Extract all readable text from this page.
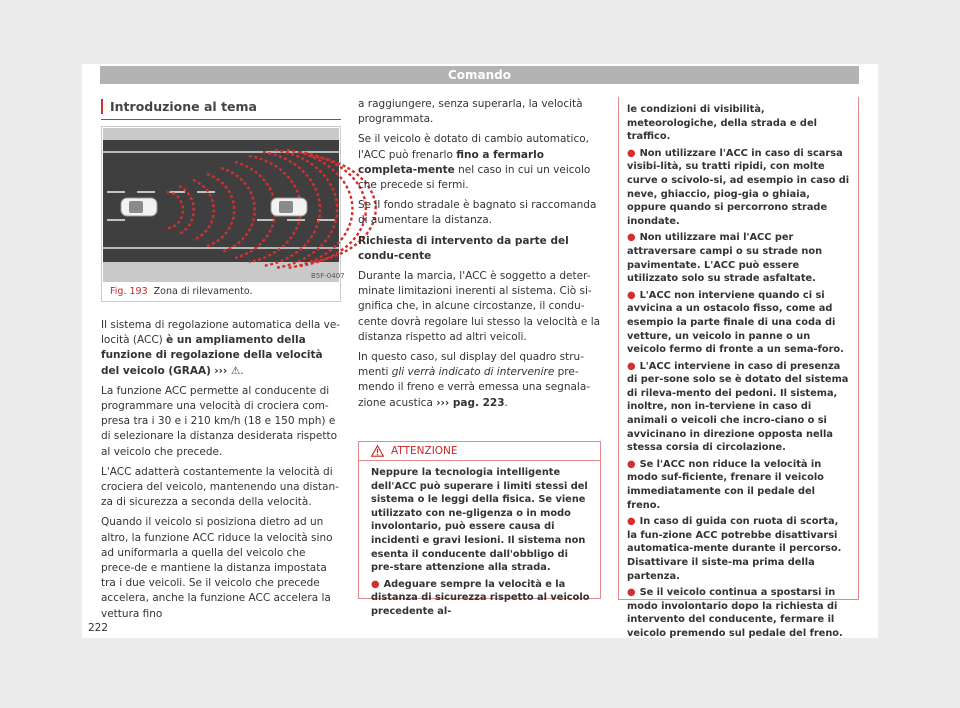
Comando
Introduzione al tema
B5F-0407
Fig. 193 Zona di rilevamento.

Il sistema di regolazione automatica della ve-locità (ACC) è un ampliamento della funzione di regolazione della velocità del veicolo (GRAA) ››› ⚠.

La funzione ACC permette al conducente di programmare una velocità di crociera com-presa tra i 30 e i 210 km/h (18 e 150 mph) e di selezionare la distanza desiderata rispetto al veicolo che precede.

L'ACC adatterà costantemente la velocità di crociera del veicolo, mantenendo una distan-za di sicurezza a seconda della velocità.

Quando il veicolo si posiziona dietro ad un altro, la funzione ACC riduce la velocità sino ad uniformarla a quella del veicolo che prece-de e mantiene la distanza impostata tra i due veicoli. Se il veicolo che precede accelera, anche la funzione ACC accelera la vettura fino

a raggiungere, senza superarla, la velocità programmata.

Se il veicolo è dotato di cambio automatico, l'ACC può frenarlo fino a fermarlo completa-mente nel caso in cui un veicolo che precede si fermi.

Se il fondo stradale è bagnato si raccomanda di aumentare la distanza.

Richiesta di intervento da parte del condu-cente

Durante la marcia, l'ACC è soggetto a deter-minate limitazioni inerenti al sistema. Ciò si-gnifica che, in alcune circostanze, il condu-cente dovrà regolare lui stesso la velocità e la distanza rispetto ad altri veicoli.

In questo caso, sul display del quadro stru-menti gli verrà indicato di intervenire pre-mendo il freno e verrà emessa una segnala-zione acustica ››› pag. 223.

ATTENZIONE

Neppure la tecnologia intelligente dell'ACC può superare i limiti stessi del sistema o le leggi della fisica. Se viene utilizzato con ne-gligenza o in modo involontario, può essere causa di incidenti e gravi lesioni. Il sistema non esenta il conducente dall'obbligo di pre-stare attenzione alla strada.

● Adeguare sempre la velocità e la distanza di sicurezza rispetto al veicolo precedente al-

le condizioni di visibilità, meteorologiche, della strada e del traffico.

● Non utilizzare l'ACC in caso di scarsa visibi-lità, su tratti ripidi, con molte curve o scivolo-si, ad esempio in caso di neve, ghiaccio, piog-gia o ghiaia, oppure quando si percorrono strade inondate.

● Non utilizzare mai l'ACC per attraversare campi o su strade non pavimentate. L'ACC può essere utilizzato solo su strade asfaltate.

● L'ACC non interviene quando ci si avvicina a un ostacolo fisso, come ad esempio la parte finale di una coda di vetture, un veicolo in panne o un veicolo fermo di fronte a un sema-foro.

● L'ACC interviene in caso di presenza di per-sone solo se è dotato del sistema di rileva-mento dei pedoni. Il sistema, inoltre, non in-terviene in caso di animali o veicoli che incro-ciano o si avvicinano in direzione opposta nella stessa corsia di circolazione.

● Se l'ACC non riduce la velocità in modo suf-ficiente, frenare il veicolo immediatamente con il pedale del freno.

● In caso di guida con ruota di scorta, la fun-zione ACC potrebbe disattivarsi automatica-mente durante il percorso. Disattivare il siste-ma prima della partenza.

● Se il veicolo continua a spostarsi in modo involontario dopo la richiesta di intervento del conducente, fermare il veicolo premendo sul pedale del freno.

222
